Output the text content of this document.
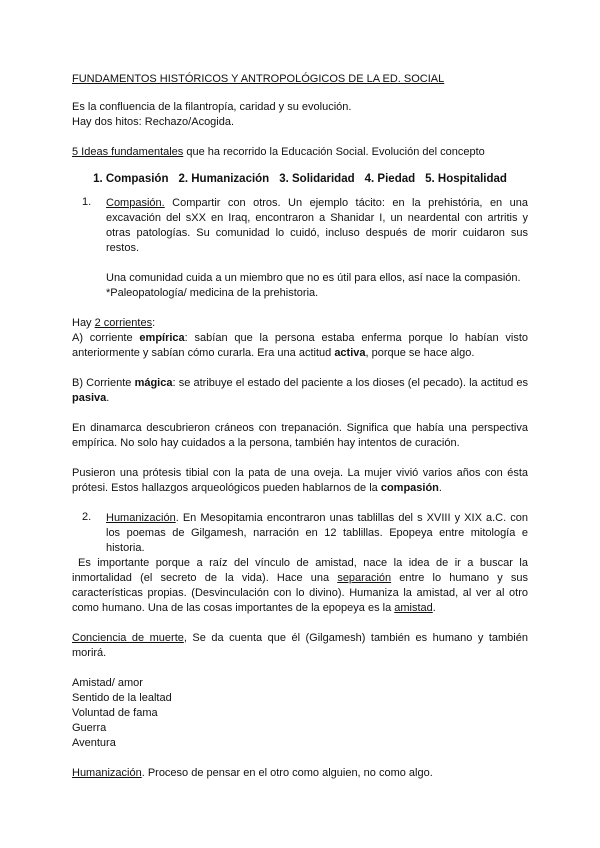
FUNDAMENTOS HISTÓRICOS Y ANTROPOLÓGICOS DE LA ED. SOCIAL

Es la confluencia de la filantropía, caridad y su evolución.

Hay dos hitos: Rechazo/Acogida.

5 Ideas fundamentales que ha recorrido la Educación Social. Evolución del concepto

1. Compasión 2. Humanización 3. Solidaridad 4. Piedad 5. Hospitalidad
1.	Compasión. Compartir con otros. Un ejemplo tácito: en la prehistória, en una excavación del sXX en Iraq, encontraron a Shanidar I, un neardental con artritis y otras patologías. Su comunidad lo cuidó, incluso después de morir cuidaron sus restos.

Una comunidad cuida a un miembro que no es útil para ellos, así nace la compasión.

*Paleopatología/ medicina de la prehistoria.

Hay 2 corrientes:

A) corriente empírica: sabían que la persona estaba enferma porque lo habían visto anteriormente y sabían cómo curarla. Era una actitud activa, porque se hace algo.

B) Corriente mágica: se atribuye el estado del paciente a los dioses (el pecado). la actitud es pasiva.

En dinamarca descubrieron cráneos con trepanación. Significa que había una perspectiva empírica. No solo hay cuidados a la persona, también hay intentos de curación.

Pusieron una prótesis tibial con la pata de una oveja. La mujer vivió varios años con ésta prótesi. Estos hallazgos arqueológicos pueden hablarnos de la compasión.

2.	Humanización. En Mesopitamia encontraron unas tablillas del s XVIII y XIX a.C. con los poemas de Gilgamesh, narración en 12 tablillas. Epopeya entre mitología e historia.

Es importante porque a raíz del vínculo de amistad, nace la idea de ir a buscar la inmortalidad (el secreto de la vida). Hace una separación entre lo humano y sus características propias. (Desvinculación con lo divino). Humaniza la amistad, al ver al otro como humano. Una de las cosas importantes de la epopeya es la amistad.

Conciencia de muerte, Se da cuenta que él (Gilgamesh) también es humano y también morirá.

Amistad/ amor

Sentido de la lealtad

Voluntad de fama

Guerra

Aventura

Humanización. Proceso de pensar en el otro como alguien, no como algo.
